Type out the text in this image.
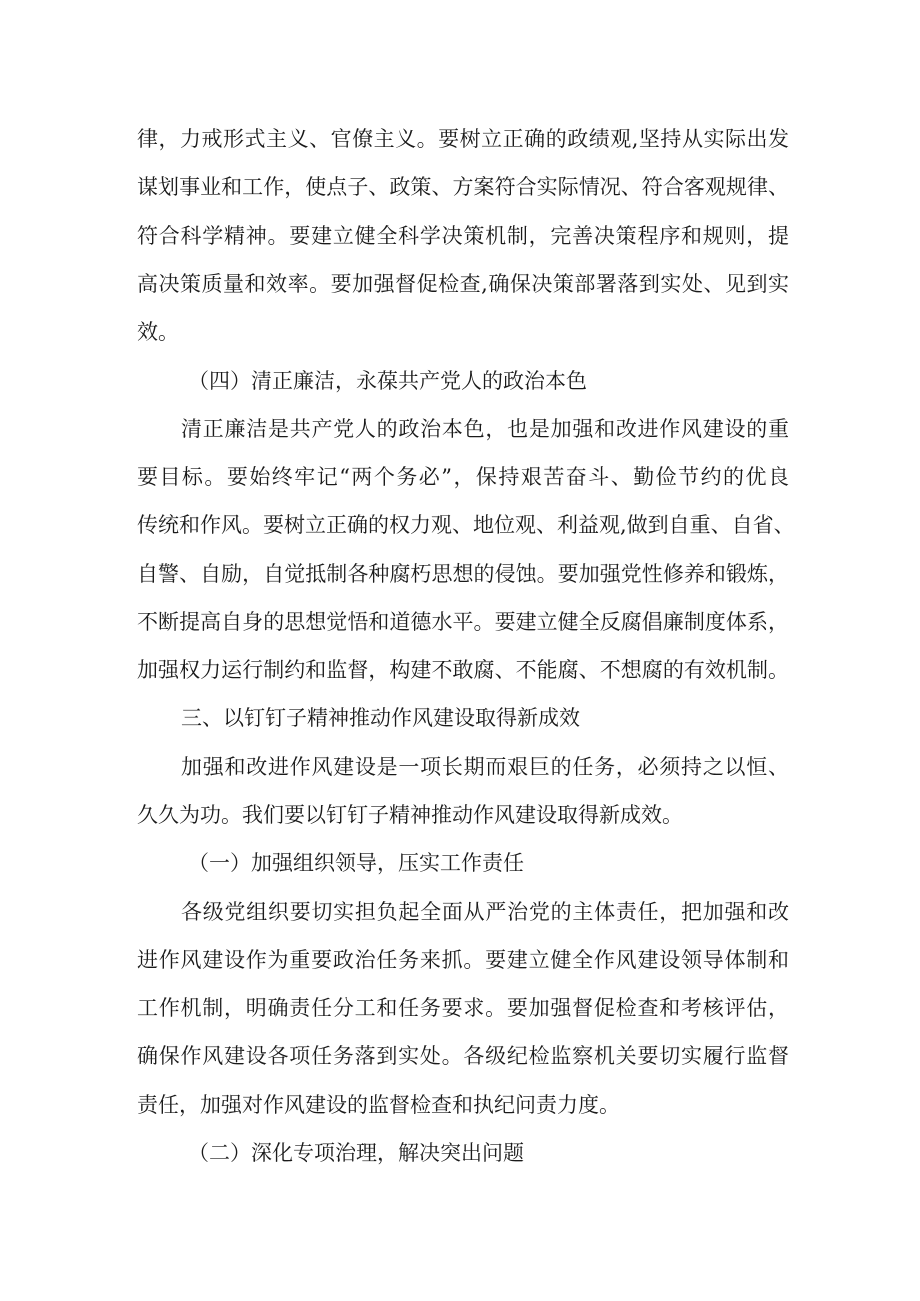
律，力戒形式主义、官僚主义。要树立正确的政绩观,坚持从实际出发
谋划事业和工作，使点子、政策、方案符合实际情况、符合客观规律、
符合科学精神。要建立健全科学决策机制，完善决策程序和规则，提
高决策质量和效率。要加强督促检查,确保决策部署落到实处、见到实
效。
（四）清正廉洁，永葆共产党人的政治本色
清正廉洁是共产党人的政治本色，也是加强和改进作风建设的重
要目标。要始终牢记“两个务必”，保持艰苦奋斗、勤俭节约的优良
传统和作风。要树立正确的权力观、地位观、利益观,做到自重、自省、
自警、自励，自觉抵制各种腐朽思想的侵蚀。要加强党性修养和锻炼，
不断提高自身的思想觉悟和道德水平。要建立健全反腐倡廉制度体系，
加强权力运行制约和监督，构建不敢腐、不能腐、不想腐的有效机制。
三、以钉钉子精神推动作风建设取得新成效
加强和改进作风建设是一项长期而艰巨的任务，必须持之以恒、
久久为功。我们要以钉钉子精神推动作风建设取得新成效。
（一）加强组织领导，压实工作责任
各级党组织要切实担负起全面从严治党的主体责任，把加强和改
进作风建设作为重要政治任务来抓。要建立健全作风建设领导体制和
工作机制，明确责任分工和任务要求。要加强督促检查和考核评估，
确保作风建设各项任务落到实处。各级纪检监察机关要切实履行监督
责任，加强对作风建设的监督检查和执纪问责力度。
（二）深化专项治理，解决突出问题
